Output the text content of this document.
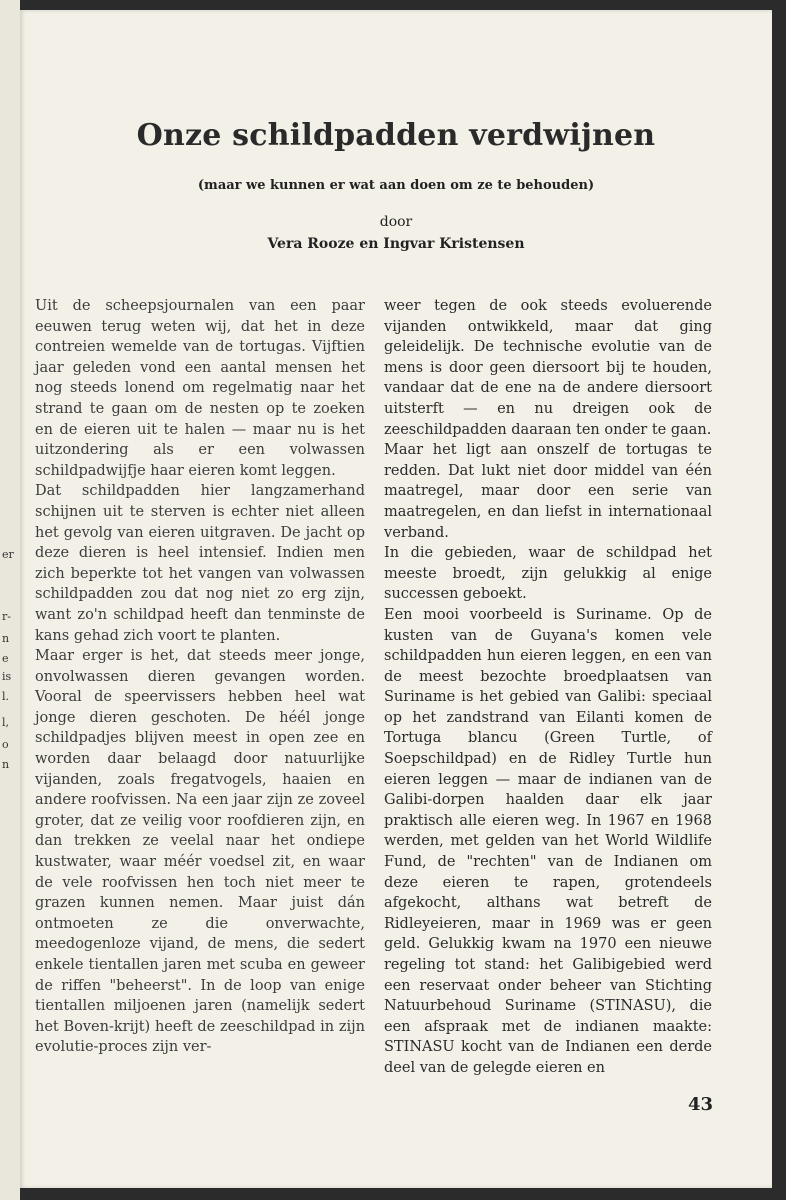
er
r-
n
e
is
l.
l,
o
n
Onze schildpadden verdwijnen
(maar we kunnen er wat aan doen om ze te behouden)
door
Vera Rooze en Ingvar Kristensen

Uit de scheepsjournalen van een paar eeuwen terug weten wij, dat het in deze contreien wemelde van de tortugas. Vijftien jaar geleden vond een aantal mensen het nog steeds lonend om regelmatig naar het strand te gaan om de nesten op te zoeken en de eieren uit te halen — maar nu is het uitzondering als er een volwassen schildpadwijfje haar eieren komt leggen.

Dat schildpadden hier langzamerhand schijnen uit te sterven is echter niet alleen het gevolg van eieren uitgraven. De jacht op deze dieren is heel intensief. Indien men zich beperkte tot het vangen van volwassen schildpadden zou dat nog niet zo erg zijn, want zo'n schildpad heeft dan tenminste de kans gehad zich voort te planten.

Maar erger is het, dat steeds meer jonge, onvolwassen dieren gevangen worden. Vooral de speervissers hebben heel wat jonge dieren geschoten. De héél jonge schildpadjes blijven meest in open zee en worden daar belaagd door natuurlijke vijanden, zoals fregatvogels, haaien en andere roofvissen. Na een jaar zijn ze zoveel groter, dat ze veilig voor roofdieren zijn, en dan trekken ze veelal naar het ondiepe kustwater, waar méér voedsel zit, en waar de vele roofvissen hen toch niet meer te grazen kunnen nemen. Maar juist dán ontmoeten ze die onverwachte, meedogenloze vijand, de mens, die sedert enkele tientallen jaren met scuba en geweer de riffen "beheerst". In de loop van enige tientallen miljoenen jaren (namelijk sedert het Boven-krijt) heeft de zeeschildpad in zijn evolutie-proces zijn ver-

weer tegen de ook steeds evoluerende vijanden ontwikkeld, maar dat ging geleidelijk. De technische evolutie van de mens is door geen diersoort bij te houden, vandaar dat de ene na de andere diersoort uitsterft — en nu dreigen ook de zeeschildpadden daaraan ten onder te gaan.

Maar het ligt aan onszelf de tortugas te redden. Dat lukt niet door middel van één maatregel, maar door een serie van maatregelen, en dan liefst in internationaal verband.

In die gebieden, waar de schildpad het meeste broedt, zijn gelukkig al enige successen geboekt.

Een mooi voorbeeld is Suriname. Op de kusten van de Guyana's komen vele schildpadden hun eieren leggen, en een van de meest bezochte broedplaatsen van Suriname is het gebied van Galibi: speciaal op het zandstrand van Eilanti komen de Tortuga blancu (Green Turtle, of Soepschildpad) en de Ridley Turtle hun eieren leggen — maar de indianen van de Galibi-dorpen haalden daar elk jaar praktisch alle eieren weg. In 1967 en 1968 werden, met gelden van het World Wildlife Fund, de "rechten" van de Indianen om deze eieren te rapen, grotendeels afgekocht, althans wat betreft de Ridleyeieren, maar in 1969 was er geen geld. Gelukkig kwam na 1970 een nieuwe regeling tot stand: het Galibigebied werd een reservaat onder beheer van Stichting Natuurbehoud Suriname (STINASU), die een afspraak met de indianen maakte: STINASU kocht van de Indianen een derde deel van de gelegde eieren en

43
